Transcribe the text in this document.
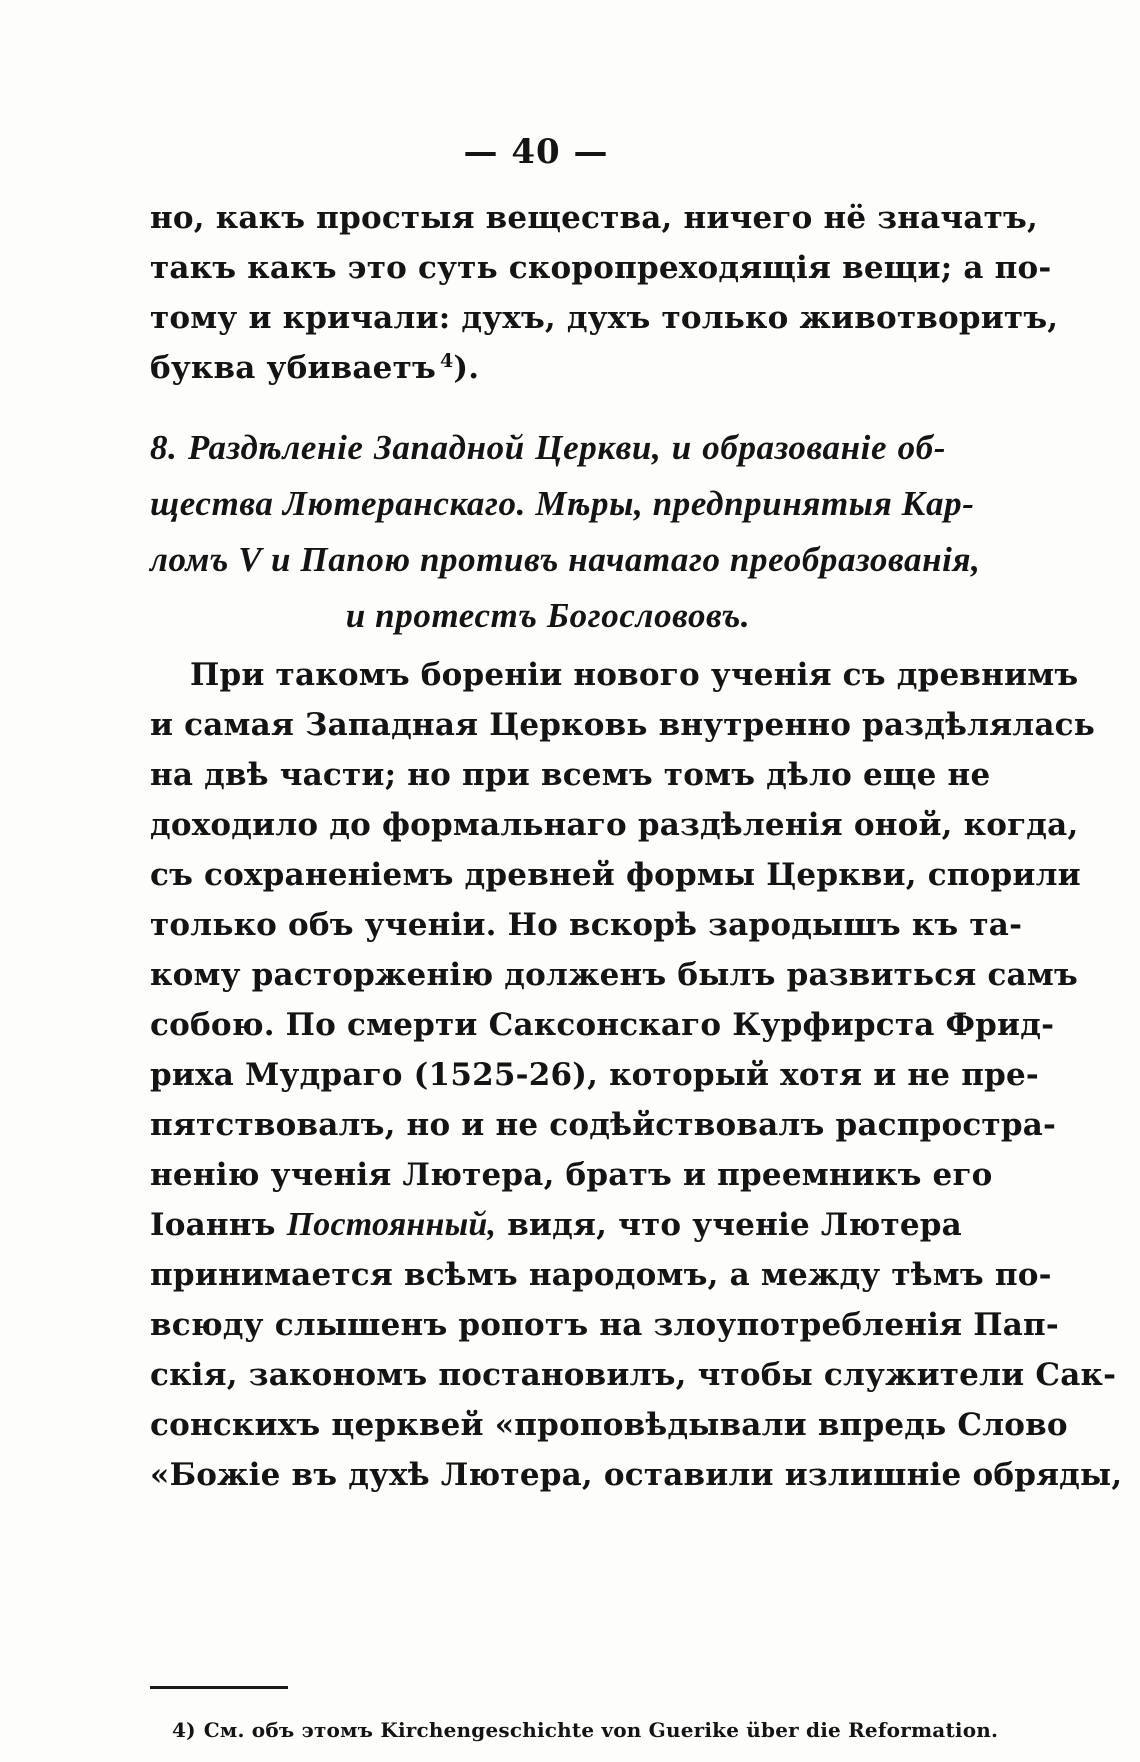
— 40 —
но, какъ простыя вещества, ничего нё значатъ,
такъ какъ это суть скоропреходящія вещи; а по-
тому и кричали: духъ, духъ только животворитъ,
буква убиваетъ $^4$).
8. Раздѣленіе Западной Церкви, и образованіе об-
щества Лютеранскаго. Мѣры, предпринятыя Кар-
ломъ V и Папою противъ начатаго преобразованія,
и протестъ Богослововъ.
При такомъ бореніи нового ученія съ древнимъ
и самая Западная Церковь внутренно раздѣлялась
на двѣ части; но при всемъ томъ дѣло еще не
доходило до формальнаго раздѣленія оной, когда,
съ сохраненіемъ древней формы Церкви, спорили
только объ ученіи. Но вскорѣ зародышъ къ та-
кому расторженію долженъ былъ развиться самъ
собою. По смерти Саксонскаго Курфирста Фрид-
риха Мудраго (1525-26), который хотя и не пре-
пятствовалъ, но и не содѣйствовалъ распростра-
ненію ученія Лютера, братъ и преемникъ его
Іоаннъ Постоянный, видя, что ученіе Лютера
принимается всѣмъ народомъ, а между тѣмъ по-
всюду слышенъ ропотъ на злоупотребленія Пап-
скія, закономъ постановилъ, чтобы служители Сак-
сонскихъ церквей «проповѣдывали впредь Слово
«Божіе въ духѣ Лютера, оставили излишніе обряды,
4) См. объ этомъ Kirchengeschichte von Guerike über die Reformation.
